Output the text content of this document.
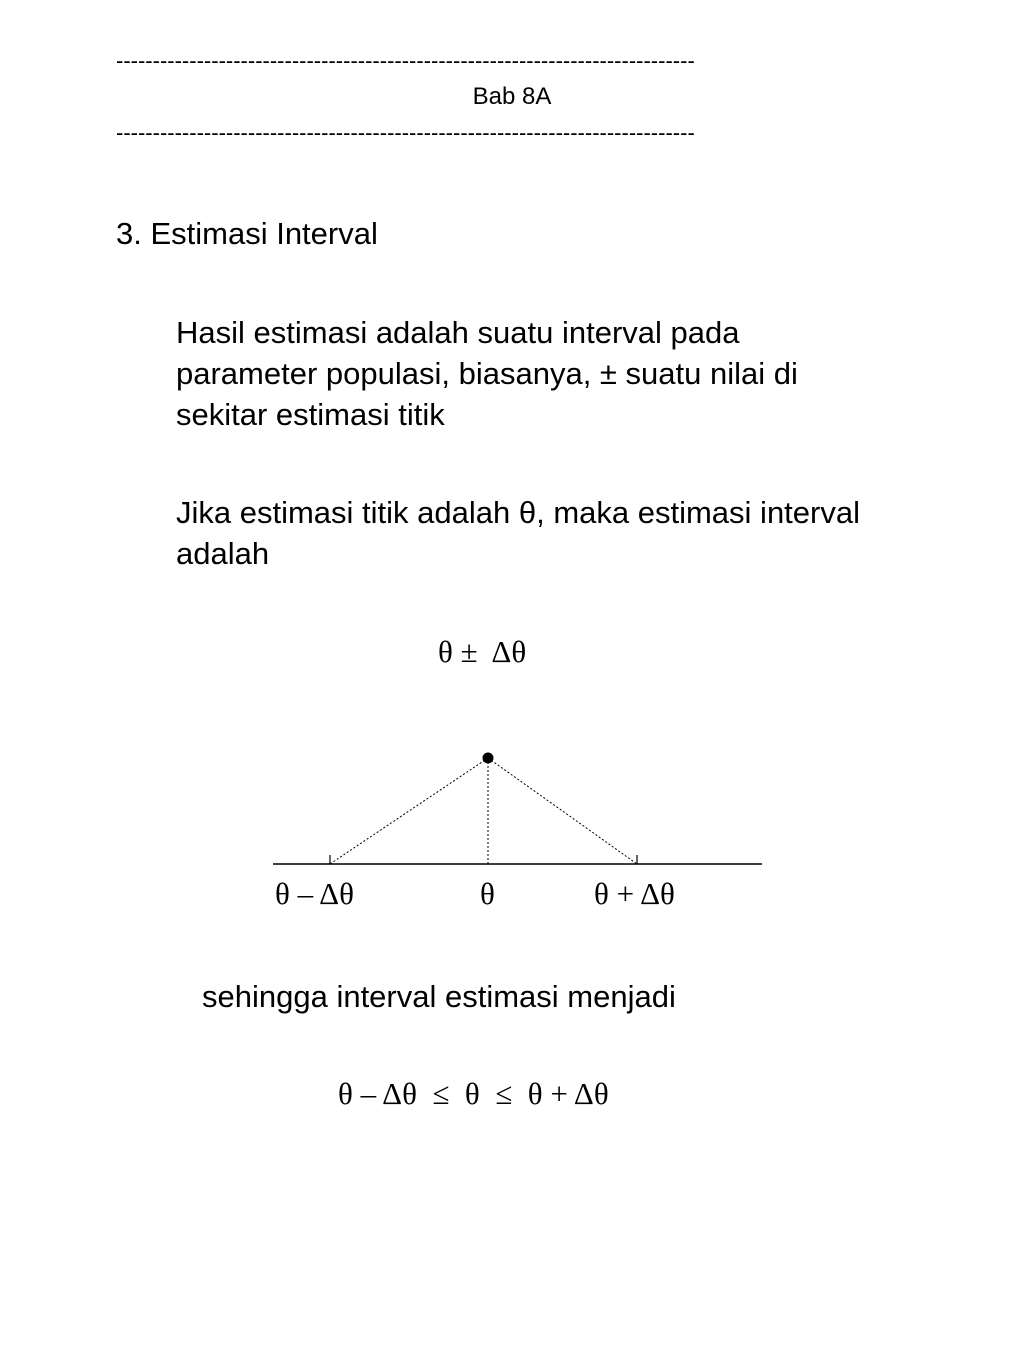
-------------------------------------------------------------------------------
Bab 8A
-------------------------------------------------------------------------------
3. Estimasi Interval
Hasil estimasi adalah suatu interval pada
parameter populasi, biasanya, ± suatu nilai di
sekitar estimasi titik
Jika estimasi titik adalah θ, maka estimasi interval
adalah
θ ±  Δθ
θ – Δθ	θ	θ + Δθ
sehingga interval estimasi menjadi
θ – Δθ  ≤  θ  ≤  θ + Δθ
